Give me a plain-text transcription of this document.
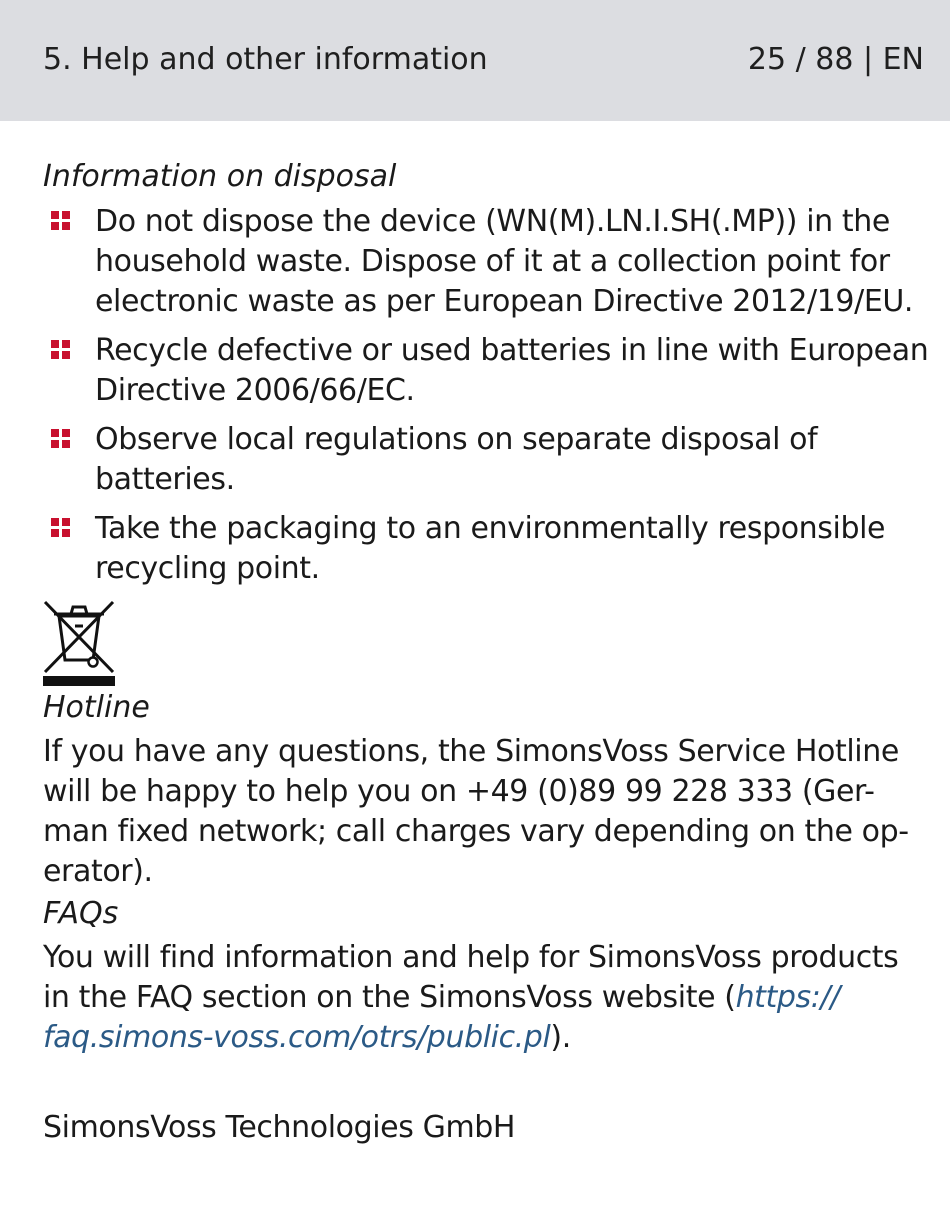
5. Help and other information	25 / 88 | EN
Information on disposal
Do not dispose the device (WN(M).LN.I.SH(.MP)) in the household waste. Dispose of it at a collection point for electronic waste as per European Directive 2012/19/EU.
Recycle defective or used batteries in line with European Directive 2006/66/EC.
Observe local regulations on separate disposal of batteries.
Take the packaging to an environmentally responsible recycling point.
Hotline

If you have any questions, the SimonsVoss Service Hotline
will be happy to help you on +49 (0)89 99 228 333 (Ger-
man fixed network; call charges vary depending on the op-
erator).

FAQs

You will find information and help for SimonsVoss products
in the FAQ section on the SimonsVoss website (https://
faq.simons-voss.com/otrs/public.pl).

SimonsVoss Technologies GmbH
